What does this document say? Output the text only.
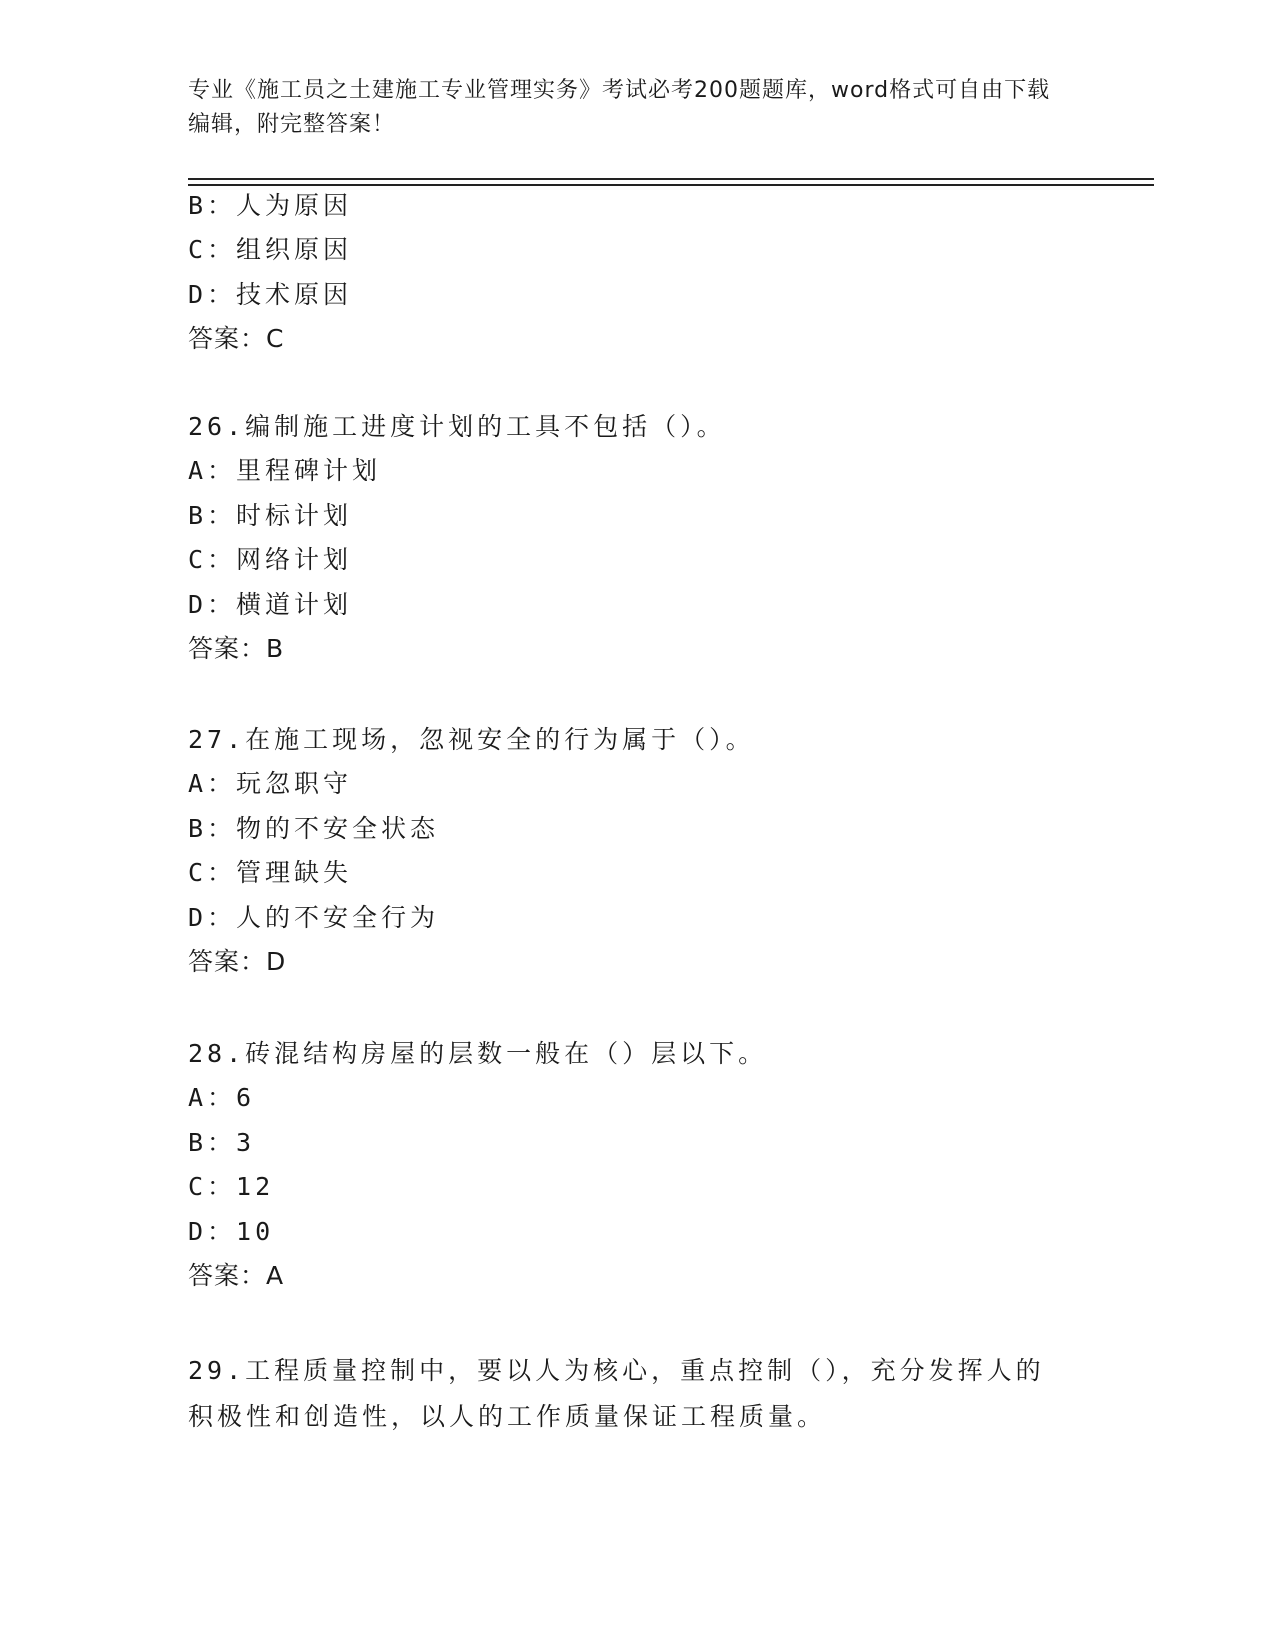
专业《施工员之土建施工专业管理实务》考试必考200题题库，word格式可自由下载编辑，附完整答案！
B：人为原因
C：组织原因
D：技术原因
答案：C
26.编制施工进度计划的工具不包括（）。
A：里程碑计划
B：时标计划
C：网络计划
D：横道计划
答案：B
27.在施工现场，忽视安全的行为属于（）。
A：玩忽职守
B：物的不安全状态
C：管理缺失
D：人的不安全行为
答案：D
28.砖混结构房屋的层数一般在（）层以下。
A：6
B：3
C：12
D：10
答案：A
29.工程质量控制中，要以人为核心，重点控制（），充分发挥人的积极性和创造性，以人的工作质量保证工程质量。
